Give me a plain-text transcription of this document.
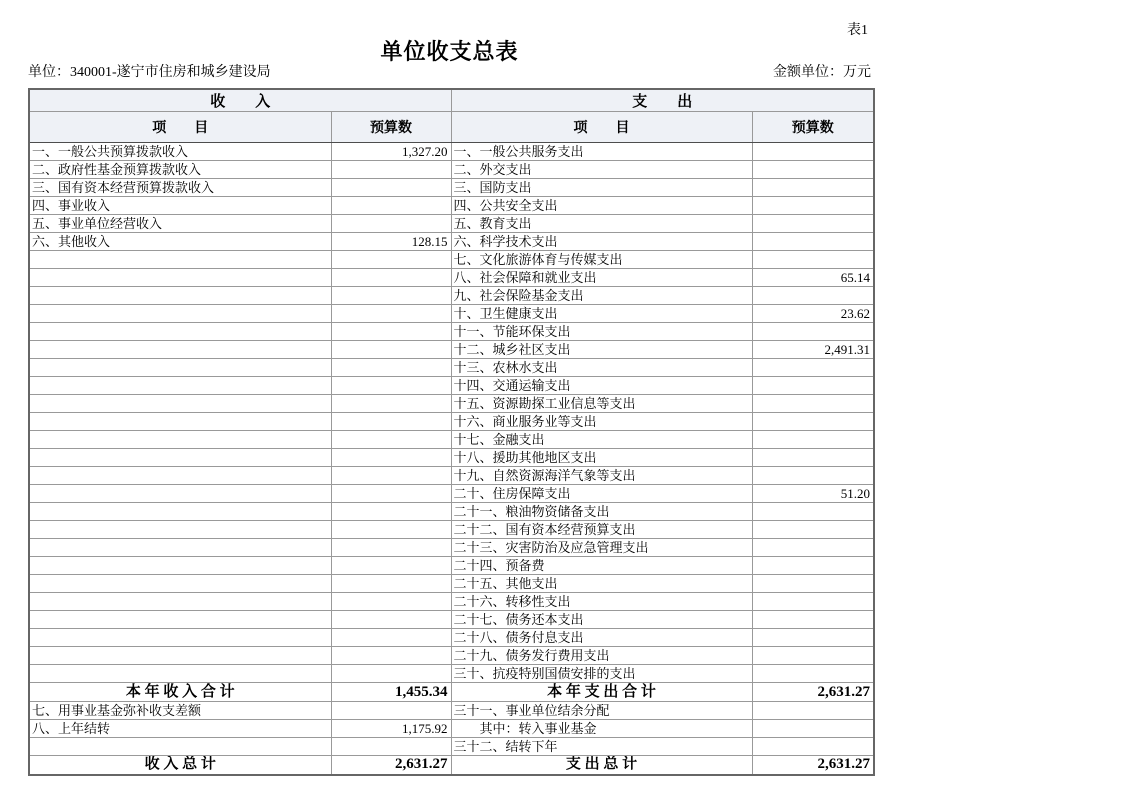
表1
单位收支总表
单位：340001-遂宁市住房和城乡建设局	金额单位：万元
收　　入		支　　出	
项　　目	预算数	项　　目	预算数
一、一般公共预算拨款收入	1,327.20	一、一般公共服务支出	
二、政府性基金预算拨款收入		二、外交支出	
三、国有资本经营预算拨款收入		三、国防支出	
四、事业收入		四、公共安全支出	
五、事业单位经营收入		五、教育支出	
六、其他收入	128.15	六、科学技术支出	
		七、文化旅游体育与传媒支出	
		八、社会保障和就业支出	65.14
		九、社会保险基金支出	
		十、卫生健康支出	23.62
		十一、节能环保支出	
		十二、城乡社区支出	2,491.31
		十三、农林水支出	
		十四、交通运输支出	
		十五、资源勘探工业信息等支出	
		十六、商业服务业等支出	
		十七、金融支出	
		十八、援助其他地区支出	
		十九、自然资源海洋气象等支出	
		二十、住房保障支出	51.20
		二十一、粮油物资储备支出	
		二十二、国有资本经营预算支出	
		二十三、灾害防治及应急管理支出	
		二十四、预备费	
		二十五、其他支出	
		二十六、转移性支出	
		二十七、债务还本支出	
		二十八、债务付息支出	
		二十九、债务发行费用支出	
		三十、抗疫特别国债安排的支出	
本 年 收 入 合 计	1,455.34	本 年 支 出 合 计	2,631.27
七、用事业基金弥补收支差额		三十一、事业单位结余分配	
八、上年结转	1,175.92	　　其中：转入事业基金	
		三十二、结转下年	
收 入 总 计	2,631.27	支 出 总 计	2,631.27
